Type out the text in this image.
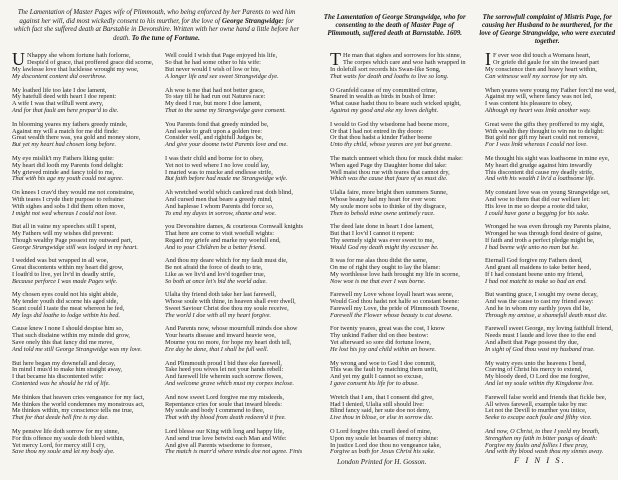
The Lamentation of Master Pages wife of Plimmouth, who being enforced by her Parents to wed him against her will, did most wickedly consent to his murther, for the love of George Strangwidge: for which fact she suffered death at Barstable in Devonshire. Written with her owne hand a little before her death. To the tune of Fortune.
The Lamentation of George Strangwidge, who for consenting to the death of Master Page of Plimmouth, suffered death at Barnstable. 1609.
The sorrowfull complaint of Mistris Page, for causing her Husband to be murthered, for the love of George Strangwidge, who were executed together.

U Nhappy she whom fortune hath forlorne,
Despis'd of grace, that proffered grace did scorne,
My lawlesse love that lucklesse wrought my woe,
My discontent content did overthrow.

My loathed life too late I doe lament,
My hatefull deed with heart I doe repent:
A wife I was that wilfull went awry,
And for that fault am here prepar'd to die.

In blooming yeares my fathers greedy minde,
Against my will a match for me did finde:
Great wealth there was, yea gold and money store,
But yet my heart had chosen long before.

My eye mislik't my Fathers liking quite:
My heart did looth my Parents fond delight:
My grieved minde and fancy told to me,
That with his age my youth could not agree.

On knees I crav'd they would me not constraine,
With teares I cryde their purpose to refraine:
With sighes and sobs I did them often move,
I might not wed whereas I could not love.

But all in vaine my speeches still I spent,
My Fathers will my wishes did prevent:
Though wealthy Page possest my outward part,
George Strangwidge still was lodged in my heart.

I wedded was but wrapped in all woe,
Great discontents within my heart did grow,
I loath'd to live, yet liv'd in deadly strife,
Because perforce I was made Pages wife.

My chosen eyes could not his sight abide,
My tender youth did scorne his aged side,
Scant could I taste the meat whereon he fed,
My legs did loathe to lodge within his bed.

Cause knew I none I should despise him so,
That such disdaine within my minde did grow,
Save onely this that fancy did me move,
And told me still George Strangwidge was my love.

But here began my downefall and decay,
In mind I mus'd to make him straight away,
I that became his discontented wife:
Contented was he should be rid of life.

Me thinkes that heaven cries vengeance for my fact,
Me thinkes the world condemnes my monstrous act,
Me thinkes within, my conscience tells me true,
That for that deede hell fire is my due.

My pensive life doth sorrow for my sinne,
For this offence my soule doth bleed within,
Yet mercy Lord, for mercy still I cry,
Save thou my soule and let my body dye.

Well could I wish that Page enjoyed his life,
So that he had some other to his wife:
But never would I wish of low or hie,
A longer life and see sweet Strangwidge dye.

Ah woe is me that had not better grace,
To stay till he had run out Natures race:
My deed I rue, but more I doe lament,
That to the same my Strangwidge gave consent.

You Parents fond that greedy minded be,
And seeke to graft upon a golden tree:
Consider well, and rightfull Judges be,
And give your doome twixt Parents love and me.

I was their child and borne for to obey,
Yet not to wed where I no love could lay,
I maried was to mucke and endlesse strife,
But faith before had made me Strangwidge wife.

Ah wretched world which cankred rust doth blind,
And cursed men that beare a greedy mind,
And haplesse I whom Parents did force so,
To end my dayes in sorrow, shame and woe.

you Devonshire dames, & courteous Cornwall knights
That here are come to visit woefull wights:
Regard my griefe and marke my woefull end,
And to your Children be a better friend.

And thou my deare which for my fault must die,
Be not afraid the force of death to trie,
Like as we liv'd and lov'd together true,
So both at once let's bid the world adue.

Ulalia thy friend doth take her last farewell,
Whose soule with thine, in heaven shall ever dwell,
Sweet Saviour Christ doe thou my soule receive,
The world I doe with all my heart forgive.

And Parents now, whose mournfull minds doe show
Your hearts disease and inward heavie woe,
Mourne you no more, for hope my heart doth tell,
Ere day be done, that I shall be full well.

And Plimmouth proud I bid thee eke farewell,
Take heed you wives let not your hands rebell:
And farewell life wherein such sorrow flowes,
And welcome grave which must my corpes inclose.

And now sweet Lord forgive me my misdeeds,
Repentance cries for soule that inward bleeds:
My soule and body I commend to thee,
That with thy blood from death redeem'd it free.

Lord blesse our King with long and happy life,
And send true love betwixt each Man and Wife:
And give all Parents wisedome to foresee,
The match is marr'd where minds doe not agree. Finis

T He man that sighes and sorrowes for his sinne,
The corpes which care and woe hath wrapped in
In dolefull sort records his Swan-like Song,
That waits for death and loaths to live so long.

O Granfeld cause of my committed crime,
Snared in wealth as birds in bush of lime:
What cause hadst thou to beare such wicked spight,
Against my good and eke my loves delight.

I would to God thy wisedome had beene more,
Or that I had not entred in thy doore:
Or that thou hadst a kinder Father beene
Unto thy child, whose yeares are yet but greene.

The match unmeet which thou for muck didst make:
When aged Page thy Daughter home did take:
Well maist thou rue with teares that cannot dry,
Which was the cause that foure of us must die.

Ulalia faire, more bright then summers Sunne,
Whose beauty had my heart for ever won:
My soule more sobs to thinke of thy disgrace,
Then to behold mine owne untimely race.

The deed late done in heart I doe lament,
But that I lov'd I cannot it repent:
Thy seemely sight was ever sweet to me,
Would God my death might thy excuser be.

It was for me alas thou didst the same,
On me of right they ought to lay the blame:
My worthlesse love hath brought my life in scorne,
Now woe is me that ever I was borne.

Farewell my Love whose loyall heart was seene,
Would God thou hadst not halfe so constant beene:
Farewell my Love, the pride of Plimmouth Towne,
Farewell the Flower whose beauty is cut downe.

For twenty yeares, great was the cost, I know
Thy unkind Father did on thee bestow:
Yet afterward so sore did fortune lowre,
He lost his joy and child within an howre.

My wrong and woe to God I doe commit,
This was the fault by matching them unfit,
And yet my guilt I cannot so excuse,
I gave consent his life for to abuse.

Wretch that I am, that I consent did give,
Had I denied, Ulalia still should live:
Blind fancy said, her sute doe not deny,
Live thou in blisse, or else in sorrow die.

O Lord forgive this cruell deed of mine,
Upon my soule let beames of mercy shine:
In justice Lord doe thou no vengeance take,
Forgive us both for Jesus Christ his sake.

I F ever woe did touch a Womans heart,
Or griefe did gaule for sin the inward part
My conscience then and heavy heart within,
Can witnesse well my sorrow for my sin.

When yeares were young my Father forc'd me wed,
Against my will, where fancy was not led,
I was content his pleasure to obey,
Although my heart was linkt another way.

Great were the gifts they proffered to my sight,
With wealth they thought to win me to delight:
But gold nor gift my heart could not remove,
For I was linkt whereas I could not love.

Me thought his sight was loathsome in mine eye,
My heart did grudge against him inwardly
This discontent did cause my deadly strife,
And with his wealth I liv'd a loathsome life.

My constant love was on young Strangwidge set,
And woe to them that did our welfare let:
His love in me so deepe a roote did take,
I could have gone a begging for his sake.

Wronged he was even through my Parents plaine,
Wronged he was through fond desire of gaine,
If faith and troth a perfect pledge might be,
I had beene wife unto no man but he.

Eternall God forgive my Fathers deed,
And grant all maidens to take better heed,
If I had constant beene unto my friend,
I had not matcht to make so bad an end.

But wanting grace, I sought my owne decay,
And was the cause to cast my friend away:
And he in whom my earthly joyes did lie,
Through my amisse, a shamefull death must die.

Farewell sweet George, my loving faithfull friend,
Needs must I laude and love thee to the end
And albeit that Page possest thy due,
In sight of God thou wast my husband true.

My watry eyes unto the heavens I bend,
Craving of Christ his mercy to extend,
My bloody deed, O Lord doe me forgive,
And let my soule within thy Kingdome live.

Farewell false world and friends that fickle bee,
All wives farewell, example take by me:
Let not the Devill to murther you intice,
Seeke to escape each foule and filthy vice.

And now, O Christ, to thee I yeeld my breath,
Strengthen my faith in bitter pangs of death:
Forgive my faults and follies I thee pray,
And with thy blood wash thou my sinnes away.

London Printed for H. Gosson.	F I N I S.
